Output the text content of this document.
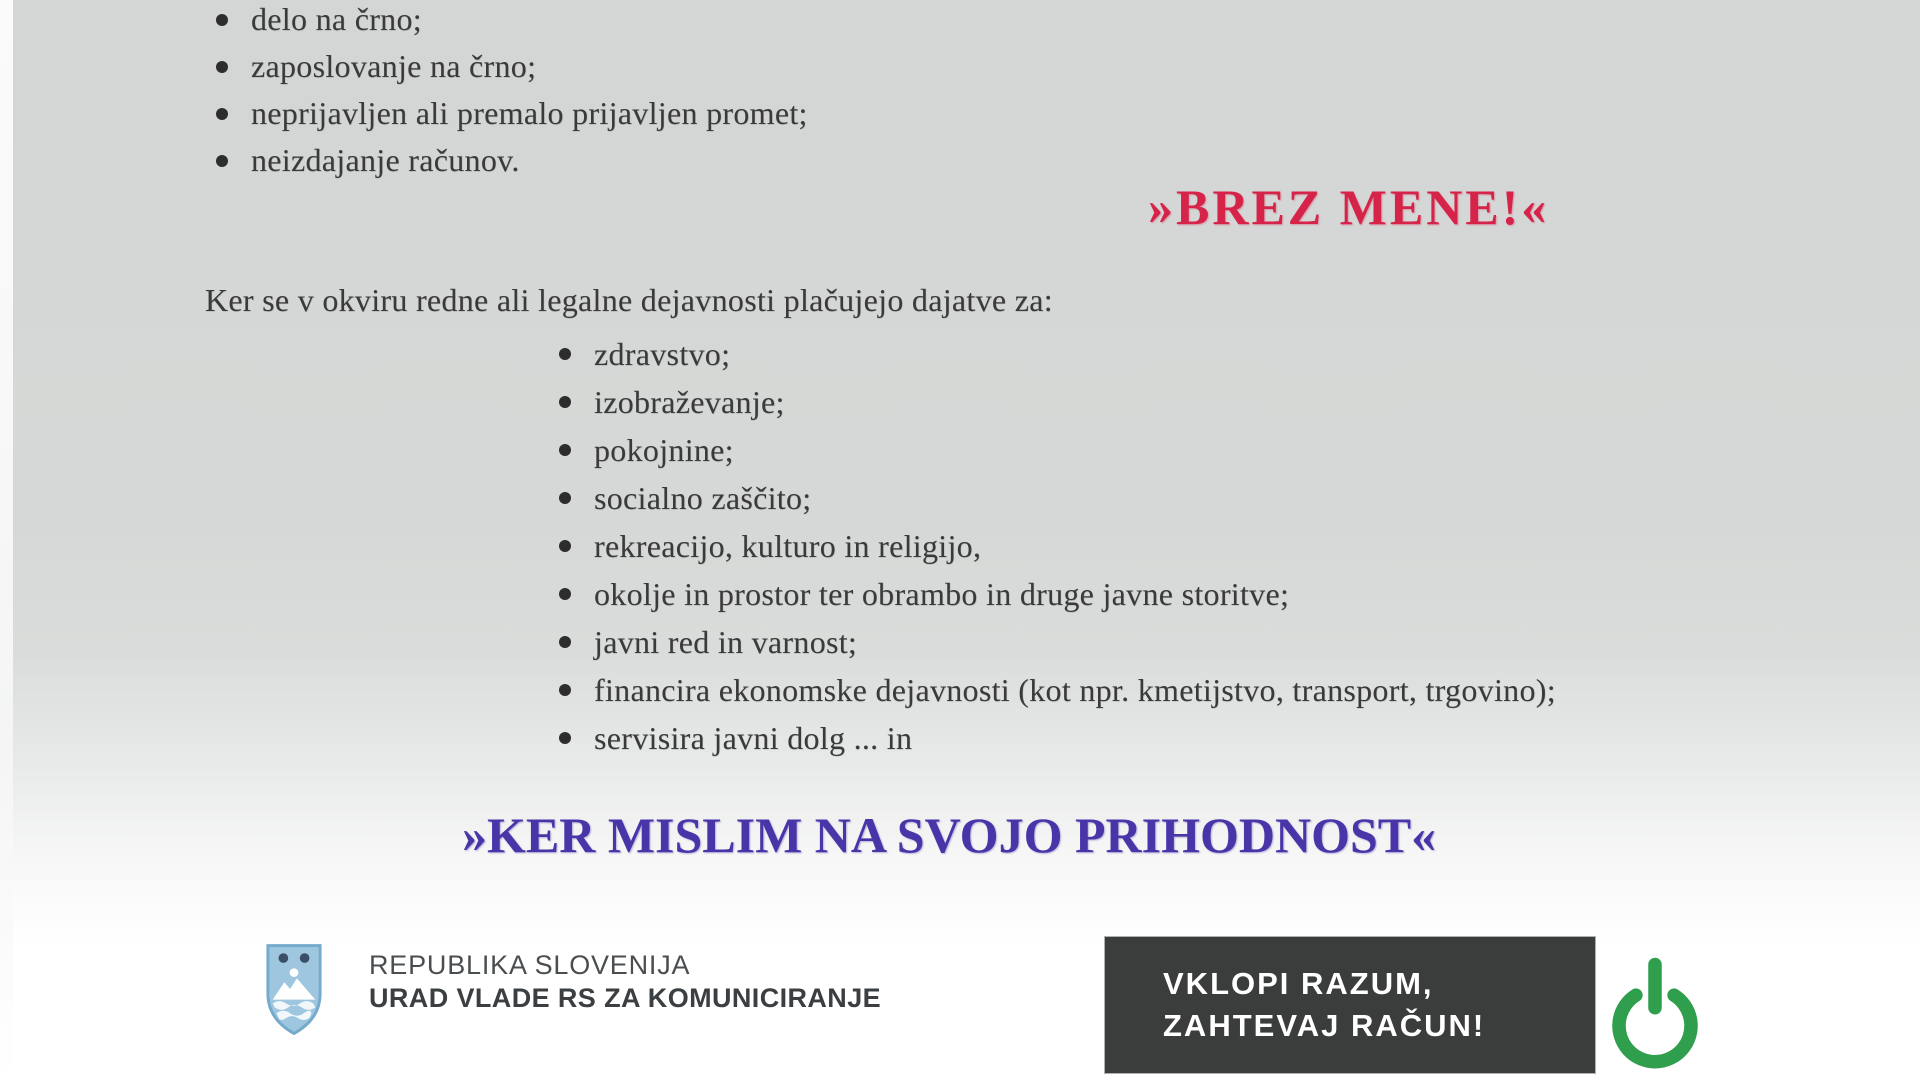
delo na črno;
zaposlovanje na črno;
neprijavljen ali premalo prijavljen promet;
neizdajanje računov.
»BREZ MENE!«
Ker se v okviru redne ali legalne dejavnosti plačujejo dajatve za:
zdravstvo;
izobraževanje;
pokojnine;
socialno zaščito;
rekreacijo, kulturo in religijo,
okolje in prostor ter obrambo in druge javne storitve;
javni red in varnost;
financira ekonomske dejavnosti (kot npr. kmetijstvo, transport, trgovino);
servisira javni dolg ... in
»KER MISLIM NA SVOJO PRIHODNOST«
REPUBLIKA SLOVENIJA
URAD VLADE RS ZA KOMUNICIRANJE	VKLOPI RAZUM,
ZAHTEVAJ RAČUN!
